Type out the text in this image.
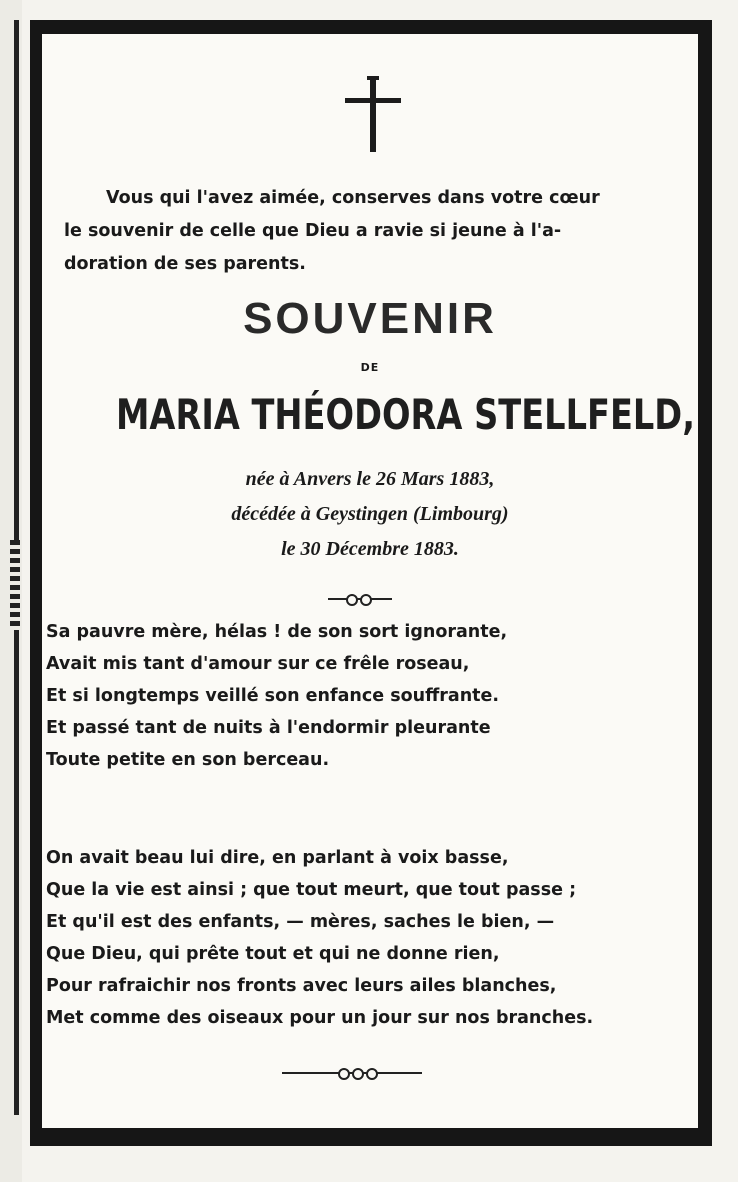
Vous qui l'avez aimée, conserves dans votre cœur
le souvenir de celle que Dieu a ravie si jeune à l'a-
doration de ses parents.

SOUVENIR

DE

MARIA THÉODORA STELLFELD,

née à Anvers le 26 Mars 1883,
décédée à Geystingen (Limbourg)
le 30 Décembre 1883.

Sa pauvre mère, hélas ! de son sort ignorante,
Avait mis tant d'amour sur ce frêle roseau,
Et si longtemps veillé son enfance souffrante.
Et passé tant de nuits à l'endormir pleurante
Toute petite en son berceau.

On avait beau lui dire, en parlant à voix basse,
Que la vie est ainsi ; que tout meurt, que tout passe ;
Et qu'il est des enfants, — mères, saches le bien, —
Que Dieu, qui prête tout et qui ne donne rien,
Pour rafraichir nos fronts avec leurs ailes blanches,
Met comme des oiseaux pour un jour sur nos branches.
